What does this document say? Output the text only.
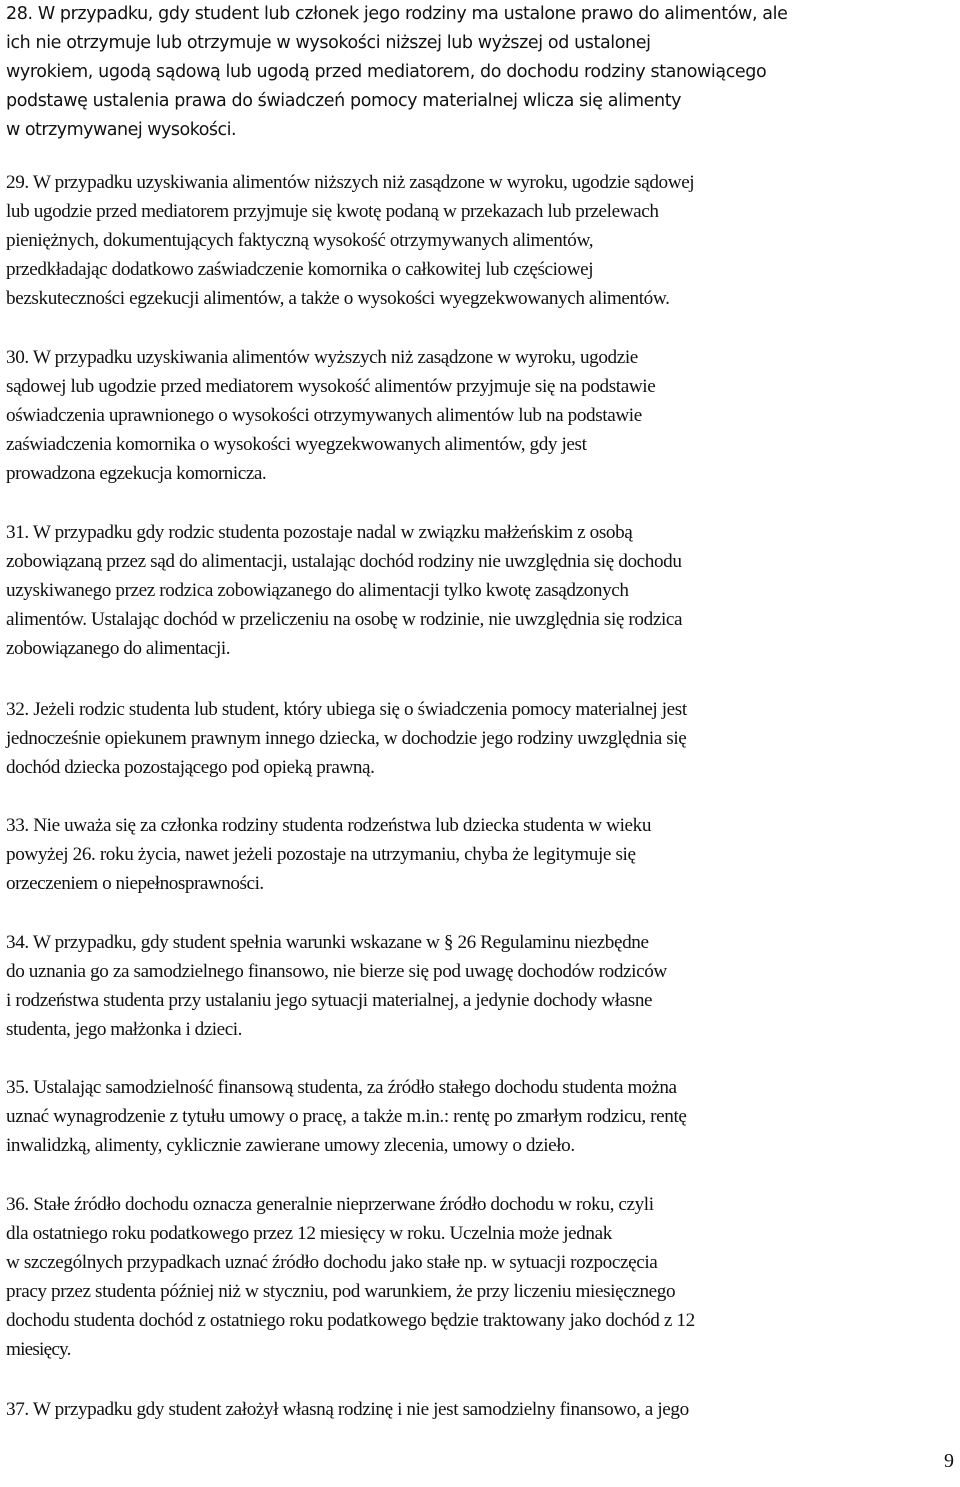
28. W przypadku, gdy student lub członek jego rodziny ma ustalone prawo do alimentów, ale
ich nie otrzymuje lub otrzymuje w wysokości niższej lub wyższej od ustalonej
wyrokiem, ugodą sądową lub ugodą przed mediatorem, do dochodu rodziny stanowiącego
podstawę ustalenia prawa do świadczeń pomocy materialnej wlicza się alimenty
w otrzymywanej wysokości.
29. W przypadku uzyskiwania alimentów niższych niż zasądzone w wyroku, ugodzie sądowej
lub ugodzie przed mediatorem przyjmuje się kwotę podaną w przekazach lub przelewach
pieniężnych, dokumentujących faktyczną wysokość otrzymywanych alimentów,
przedkładając dodatkowo zaświadczenie komornika o całkowitej lub częściowej
bezskuteczności egzekucji alimentów, a także o wysokości wyegzekwowanych alimentów.
30. W przypadku uzyskiwania alimentów wyższych niż zasądzone w wyroku, ugodzie
sądowej lub ugodzie przed mediatorem wysokość alimentów przyjmuje się na podstawie
oświadczenia uprawnionego o wysokości otrzymywanych alimentów lub na podstawie
zaświadczenia komornika o wysokości wyegzekwowanych alimentów, gdy jest
prowadzona egzekucja komornicza.
31. W przypadku gdy rodzic studenta pozostaje nadal w związku małżeńskim z osobą
zobowiązaną przez sąd do alimentacji, ustalając dochód rodziny nie uwzględnia się dochodu
uzyskiwanego przez rodzica zobowiązanego do alimentacji tylko kwotę zasądzonych
alimentów. Ustalając dochód w przeliczeniu na osobę w rodzinie, nie uwzględnia się rodzica
zobowiązanego do alimentacji.
32. Jeżeli rodzic studenta lub student, który ubiega się o świadczenia pomocy materialnej jest
jednocześnie opiekunem prawnym innego dziecka, w dochodzie jego rodziny uwzględnia się
dochód dziecka pozostającego pod opieką prawną.
33. Nie uważa się za członka rodziny studenta rodzeństwa lub dziecka studenta w wieku
powyżej 26. roku życia, nawet jeżeli pozostaje na utrzymaniu, chyba że legitymuje się
orzeczeniem o niepełnosprawności.
34. W przypadku, gdy student spełnia warunki wskazane w § 26 Regulaminu niezbędne
do uznania go za samodzielnego finansowo, nie bierze się pod uwagę dochodów rodziców
i rodzeństwa studenta przy ustalaniu jego sytuacji materialnej, a jedynie dochody własne
studenta, jego małżonka i dzieci.
35. Ustalając samodzielność finansową studenta, za źródło stałego dochodu studenta można
uznać wynagrodzenie z tytułu umowy o pracę, a także m.in.: rentę po zmarłym rodzicu, rentę
inwalidzką, alimenty, cyklicznie zawierane umowy zlecenia, umowy o dzieło.
36. Stałe źródło dochodu oznacza generalnie nieprzerwane źródło dochodu w roku, czyli
dla ostatniego roku podatkowego przez 12 miesięcy w roku. Uczelnia może jednak
w szczególnych przypadkach uznać źródło dochodu jako stałe np. w sytuacji rozpoczęcia
pracy przez studenta później niż w styczniu, pod warunkiem, że przy liczeniu miesięcznego
dochodu studenta dochód z ostatniego roku podatkowego będzie traktowany jako dochód z 12
miesięcy.
37. W przypadku gdy student założył własną rodzinę i nie jest samodzielny finansowo, a jego
9
